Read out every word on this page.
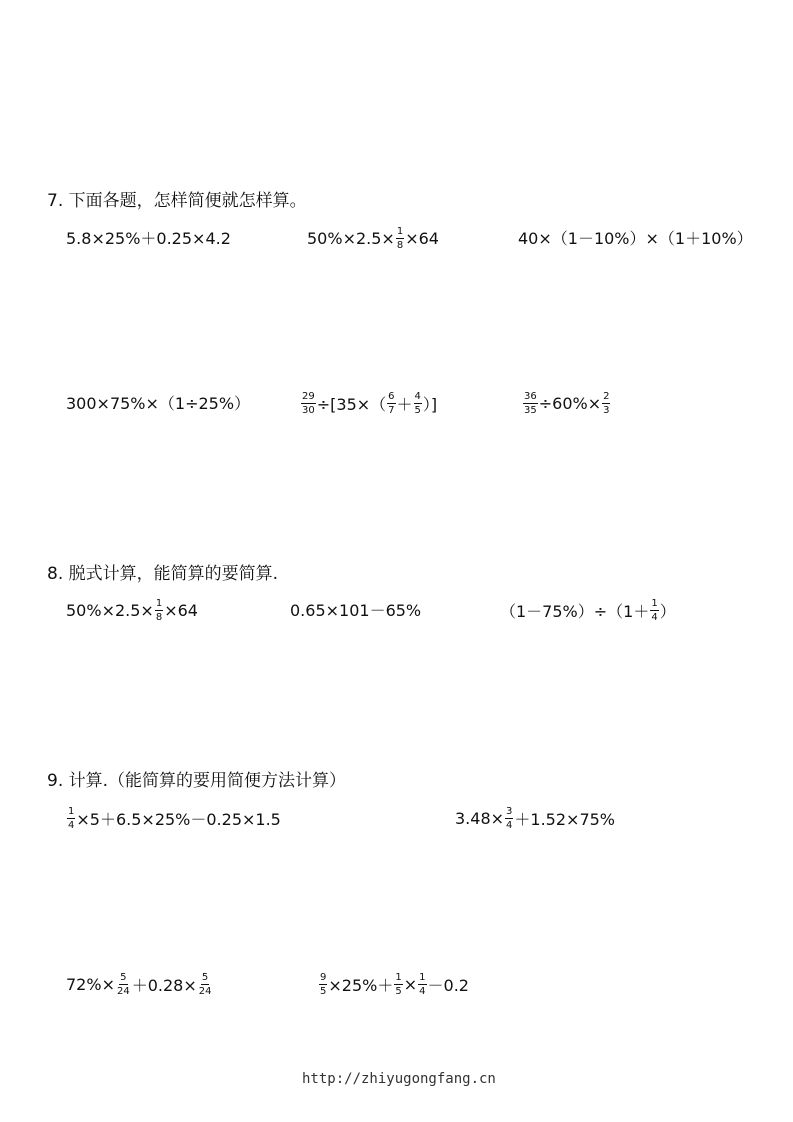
7. 下面各题，怎样简便就怎样算。
5.8×25%＋0.25×4.2	$50\%\times 2.5\times \frac{1}{8} \times 64$	40×（1－10%）×（1＋10%）
300×75%×（1÷25%）	$\frac{29}{30} \div[35\times( \frac{6}{7} + \frac{4}{5}$ ）]	$\frac{36}{35} \div 60\%\times \frac{2}{3}$
8. 脱式计算，能简算的要简算.
$50\%\times 2.5\times \frac{1}{8} \times 64$	0.65×101－65%	$(1-75\%)\div(1+ \frac{1}{4}$ ）
9. 计算.（能简算的要用简便方法计算）
$\frac{1}{4} \times 5+6.5\times 25\%-0.25\times 1.5$	$3.48\times \frac{3}{4} +1.52\times 75\%$
$72\%\times \frac{5}{24} +0.28\times \frac{5}{24}$	$\frac{9}{5} \times 25\%+ \frac{1}{5} \times \frac{1}{4} -0.2$
http://zhiyugongfang.cn
